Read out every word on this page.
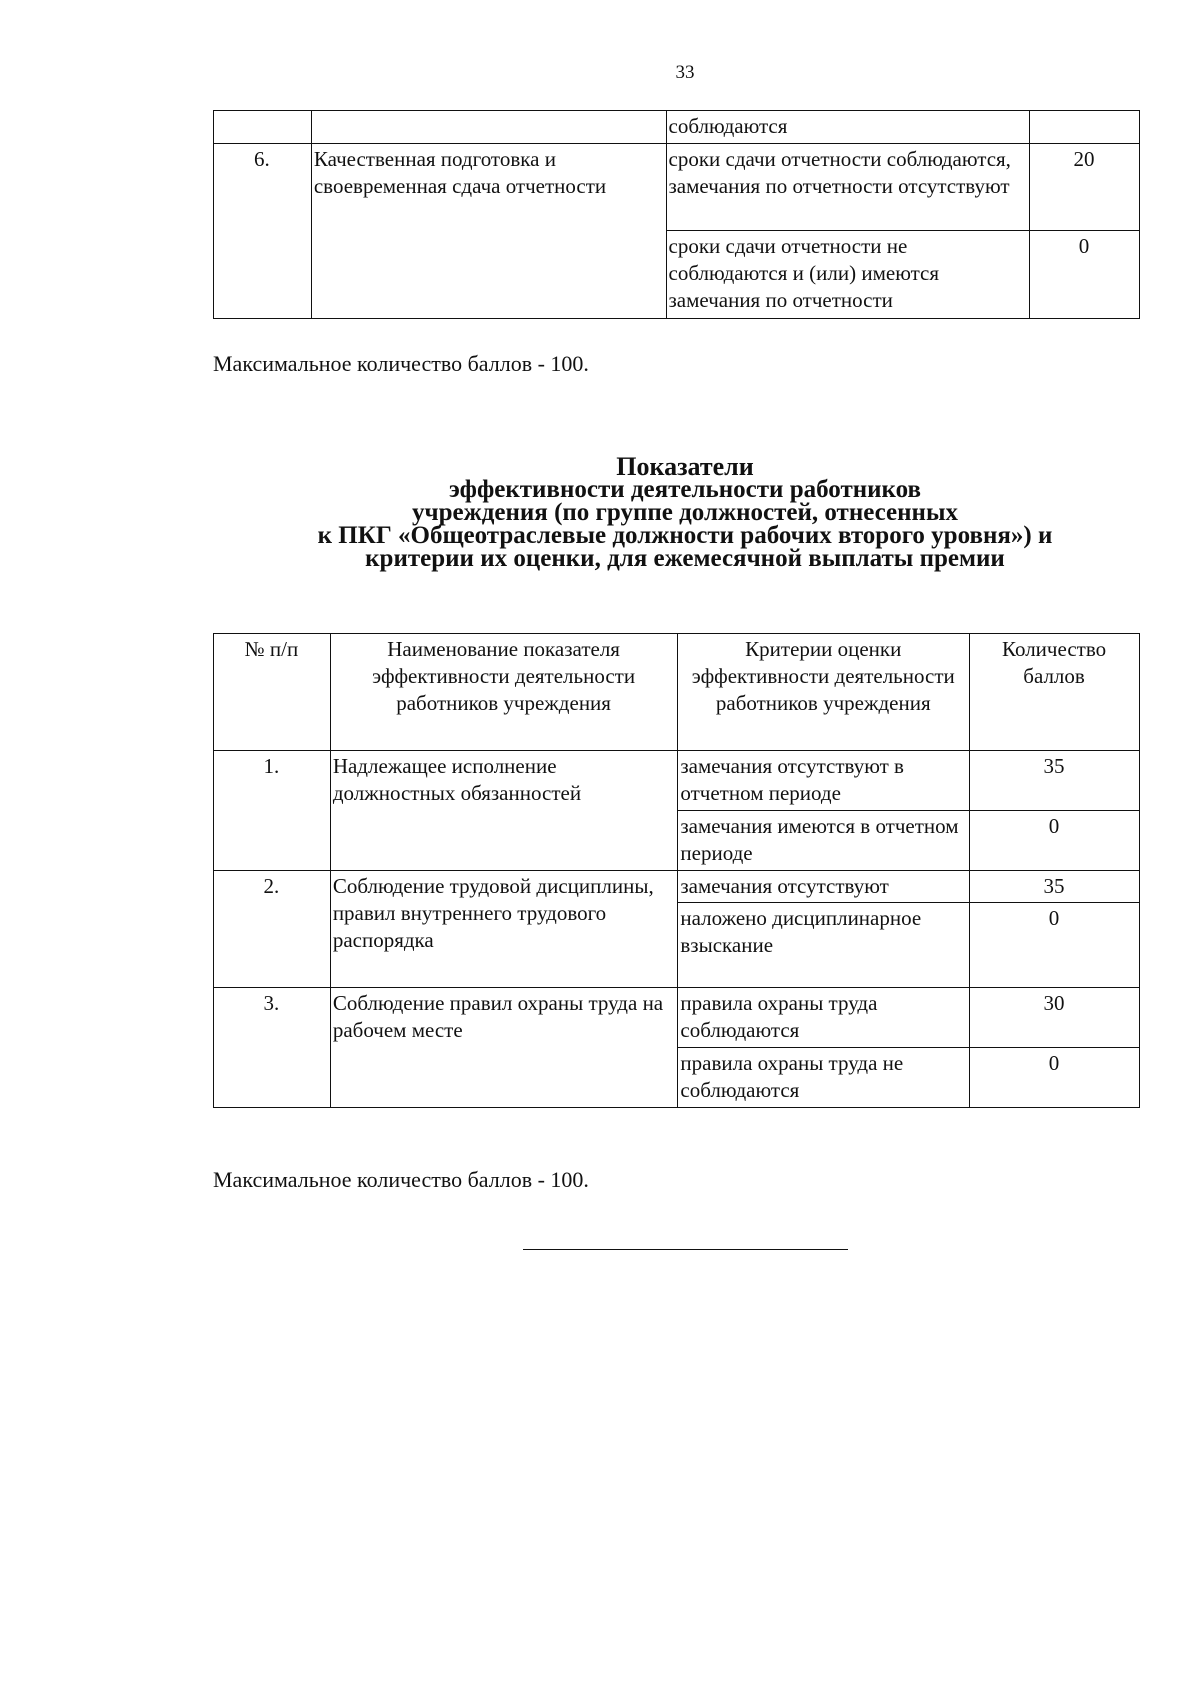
33
		соблюдаются	
6.	Качественная подготовка и своевременная сдача отчетности	сроки сдачи отчетности соблюдаются, замечания по отчетности отсутствуют	20
		сроки сдачи отчетности не соблюдаются и (или) имеются замечания по отчетности	0
Максимальное количество баллов - 100.
Показатели
эффективности деятельности работников
учреждения (по группе должностей, отнесенных
к ПКГ «Общеотраслевые должности рабочих второго уровня») и
критерии их оценки, для ежемесячной выплаты премии
№ п/п	Наименование показателя эффективности деятельности работников учреждения	Критерии оценки эффективности деятельности работников учреждения	Количество баллов
1.	Надлежащее исполнение должностных обязанностей	замечания отсутствуют в отчетном периоде	35
		замечания имеются в отчетном периоде	0
2.	Соблюдение трудовой дисциплины, правил внутреннего трудового распорядка	замечания отсутствуют	35
		наложено дисциплинарное взыскание	0
3.	Соблюдение правил охраны труда на рабочем месте	правила охраны труда соблюдаются	30
		правила охраны труда не соблюдаются	0
Максимальное количество баллов - 100.
